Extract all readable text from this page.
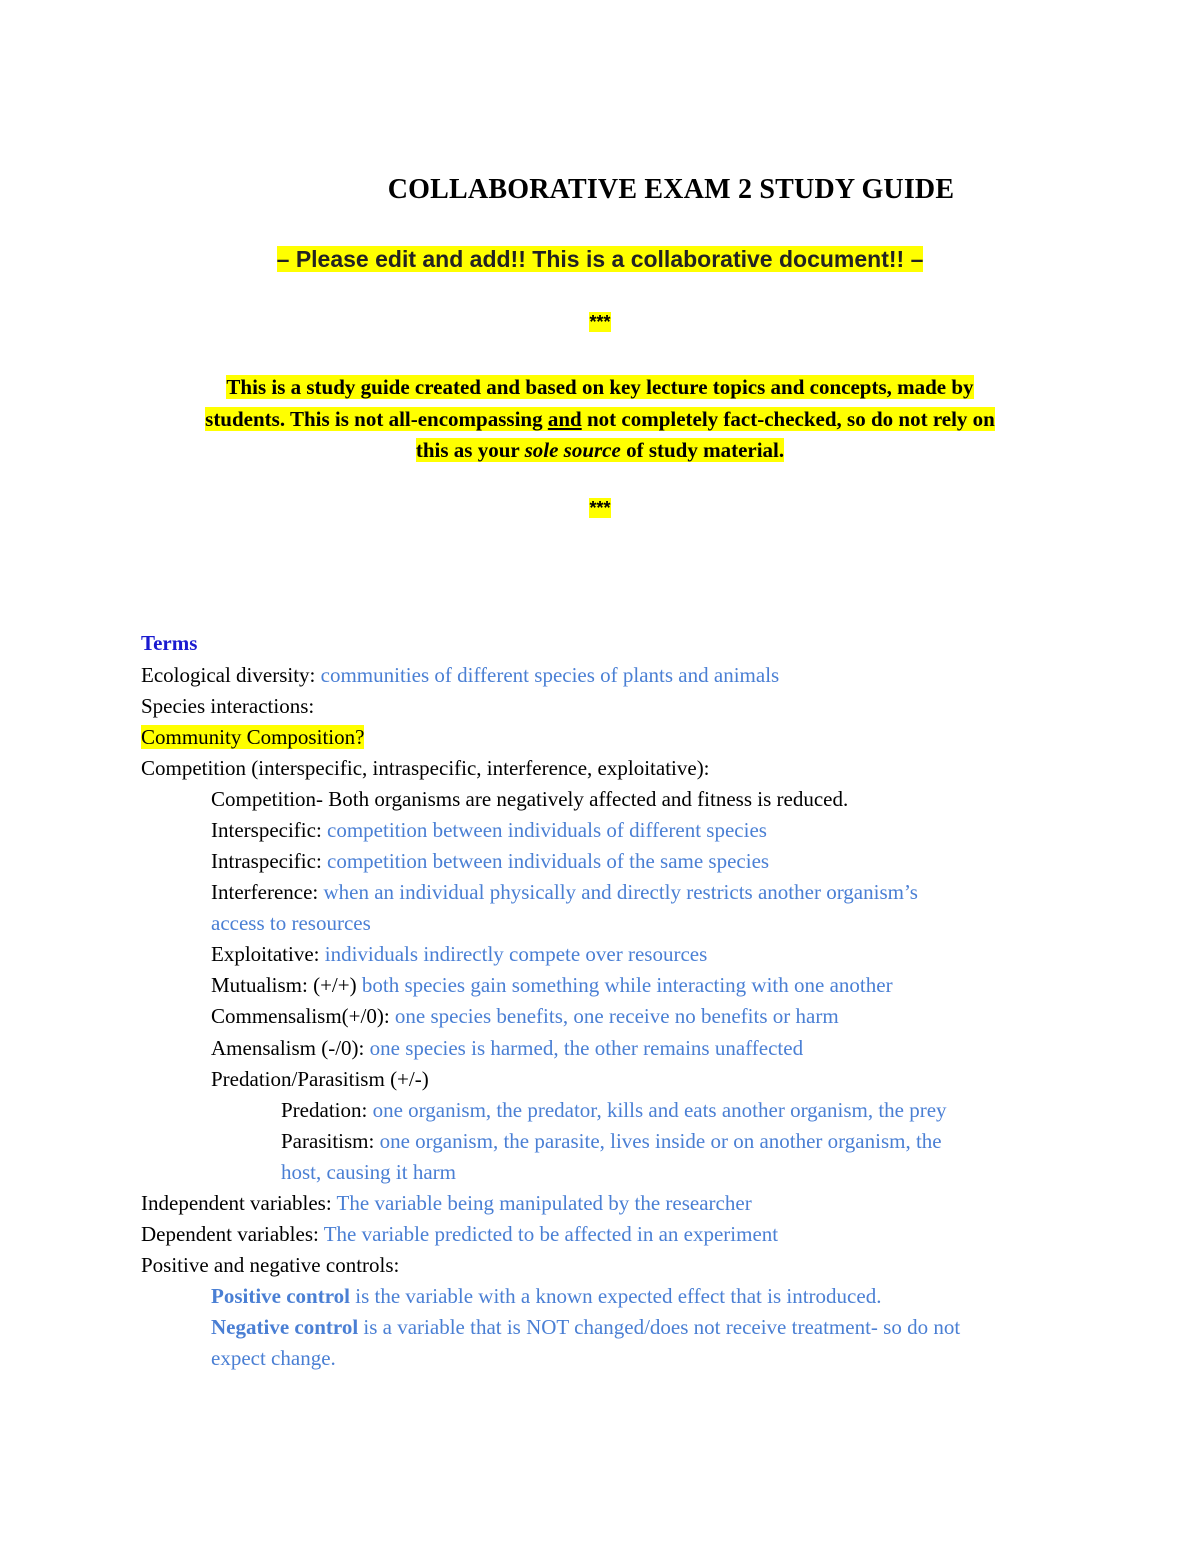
COLLABORATIVE EXAM 2 STUDY GUIDE
– Please edit and add!! This is a collaborative document!! –
***
This is a study guide created and based on key lecture topics and concepts, made by
students. This is not all-encompassing and not completely fact-checked, so do not rely on
this as your sole source of study material.
***
Terms
Ecological diversity: communities of different species of plants and animals
Species interactions:
Community Composition?
Competition (interspecific, intraspecific, interference, exploitative):
Competition- Both organisms are negatively affected and fitness is reduced.
Interspecific: competition between individuals of different species
Intraspecific: competition between individuals of the same species
Interference: when an individual physically and directly restricts another organism’s
access to resources
Exploitative: individuals indirectly compete over resources
Mutualism: (+/+) both species gain something while interacting with one another
Commensalism(+/0): one species benefits, one receive no benefits or harm
Amensalism (-/0): one species is harmed, the other remains unaffected
Predation/Parasitism (+/-)
Predation: one organism, the predator, kills and eats another organism, the prey
Parasitism: one organism, the parasite, lives inside or on another organism, the
host, causing it harm
Independent variables: The variable being manipulated by the researcher
Dependent variables: The variable predicted to be affected in an experiment
Positive and negative controls:
Positive control is the variable with a known expected effect that is introduced.
Negative control is a variable that is NOT changed/does not receive treatment- so do not
expect change.
